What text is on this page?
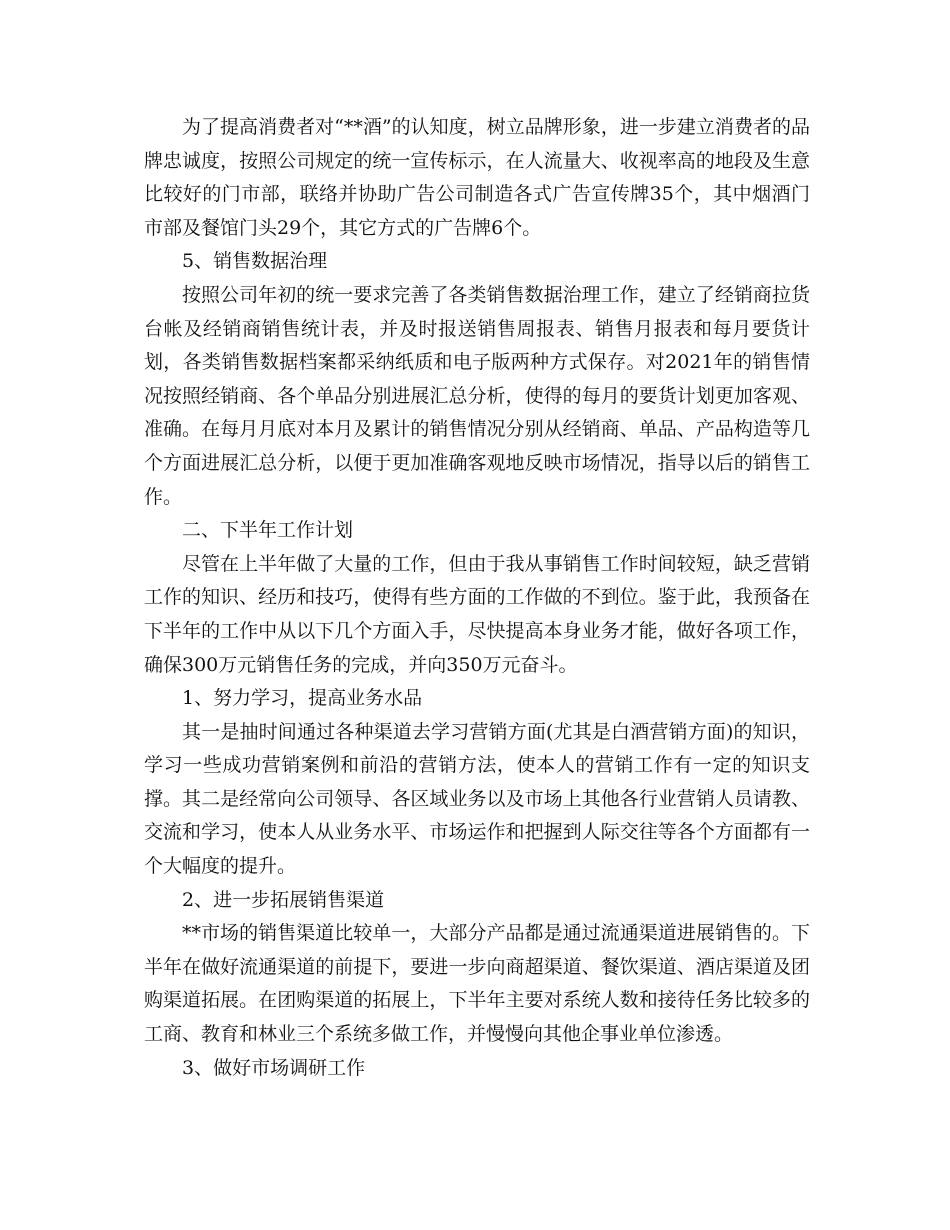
为了提高消费者对“**酒”的认知度，树立品牌形象，进一步建立消费者的品牌忠诚度，按照公司规定的统一宣传标示，在人流量大、收视率高的地段及生意比较好的门市部，联络并协助广告公司制造各式广告宣传牌35个，其中烟酒门市部及餐馆门头29个，其它方式的广告牌6个。

5、销售数据治理

按照公司年初的统一要求完善了各类销售数据治理工作，建立了经销商拉货台帐及经销商销售统计表，并及时报送销售周报表、销售月报表和每月要货计划，各类销售数据档案都采纳纸质和电子版两种方式保存。对2021年的销售情况按照经销商、各个单品分别进展汇总分析，使得的每月的要货计划更加客观、准确。在每月月底对本月及累计的销售情况分别从经销商、单品、产品构造等几个方面进展汇总分析，以便于更加准确客观地反映市场情况，指导以后的销售工作。

二、下半年工作计划

尽管在上半年做了大量的工作，但由于我从事销售工作时间较短，缺乏营销工作的知识、经历和技巧，使得有些方面的工作做的不到位。鉴于此，我预备在下半年的工作中从以下几个方面入手，尽快提高本身业务才能，做好各项工作，确保300万元销售任务的完成，并向350万元奋斗。

1、努力学习，提高业务水品

其一是抽时间通过各种渠道去学习营销方面(尤其是白酒营销方面)的知识，学习一些成功营销案例和前沿的营销方法，使本人的营销工作有一定的知识支撑。其二是经常向公司领导、各区域业务以及市场上其他各行业营销人员请教、交流和学习，使本人从业务水平、市场运作和把握到人际交往等各个方面都有一个大幅度的提升。

2、进一步拓展销售渠道

**市场的销售渠道比较单一，大部分产品都是通过流通渠道进展销售的。下半年在做好流通渠道的前提下，要进一步向商超渠道、餐饮渠道、酒店渠道及团购渠道拓展。在团购渠道的拓展上，下半年主要对系统人数和接待任务比较多的工商、教育和林业三个系统多做工作，并慢慢向其他企事业单位渗透。

3、做好市场调研工作
